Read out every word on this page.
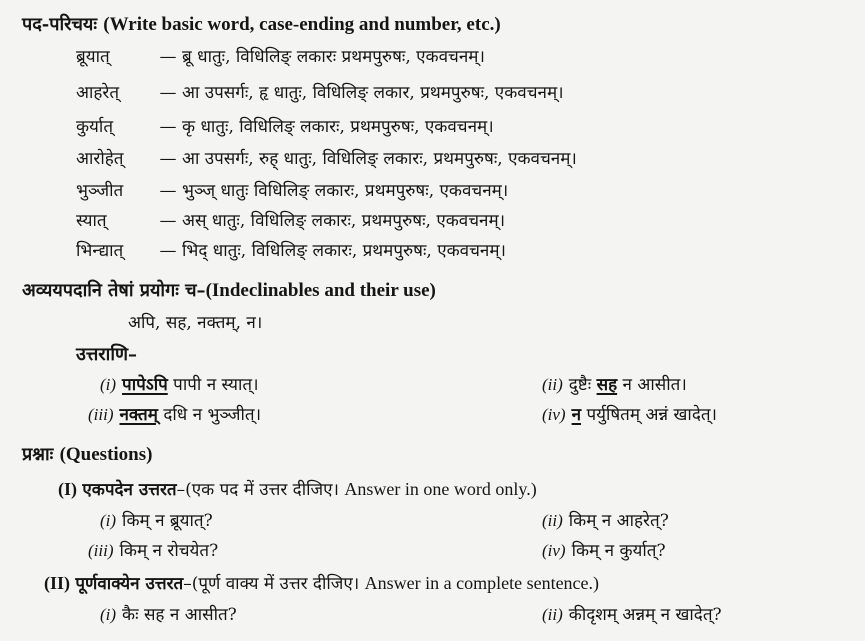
पद-परिचयः (Write basic word, case-ending and number, etc.)
ब्रूयात्	— ब्रू धातुः, विधिलिङ् लकारः प्रथमपुरुषः, एकवचनम्।
आहरेत् — आ उपसर्गः, हृ धातुः, विधिलिङ् लकार, प्रथमपुरुषः, एकवचनम्।
कुर्यात्	— कृ धातुः, विधिलिङ् लकारः, प्रथमपुरुषः, एकवचनम्।
आरोहेत् — आ उपसर्गः, रुह् धातुः, विधिलिङ् लकारः, प्रथमपुरुषः, एकवचनम्।
भुञ्जीत — भुञ्ज् धातुः विधिलिङ् लकारः, प्रथमपुरुषः, एकवचनम्।
स्यात्	— अस् धातुः, विधिलिङ् लकारः, प्रथमपुरुषः, एकवचनम्।
भिन्द्यात् — भिद् धातुः, विधिलिङ् लकारः, प्रथमपुरुषः, एकवचनम्।
अव्ययपदानि तेषां प्रयोगः च–(Indeclinables and their use)
अपि, सह, नक्तम्, न।
उत्तराणि–
(i) पापेऽपि पापी न स्यात्।	(ii) दुष्टैः सह न आसीत।
(iii) नक्तम् दधि न भुञ्जीत्।	(iv) न पर्युषितम् अन्नं खादेत्।
प्रश्नाः (Questions)
(I) एकपदेन उत्तरत–(एक पद में उत्तर दीजिए। Answer in one word only.)
(i) किम् न ब्रूयात्?	(ii) किम् न आहरेत्?
(iii) किम् न रोचयेत?	(iv) किम् न कुर्यात्?
(II) पूर्णवाक्येन उत्तरत–(पूर्ण वाक्य में उत्तर दीजिए। Answer in a complete sentence.)
(i) कैः सह न आसीत?	(ii) कीदृशम् अन्नम् न खादेत्?
